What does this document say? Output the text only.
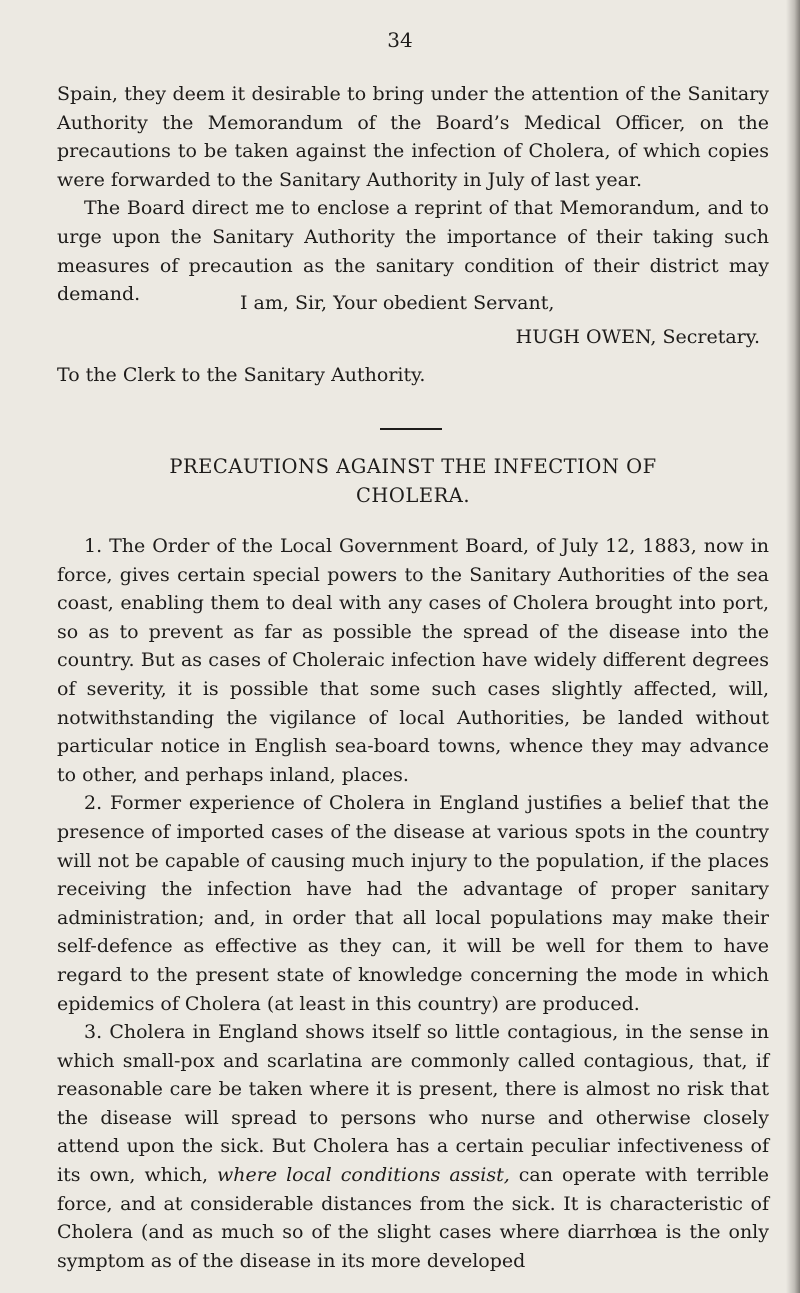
34

Spain, they deem it desirable to bring under the attention of the Sanitary Authority the Memorandum of the Board’s Medical Officer, on the precautions to be taken against the infection of Cholera, of which copies were forwarded to the Sanitary Authority in July of last year.

The Board direct me to enclose a reprint of that Memorandum, and to urge upon the Sanitary Authority the importance of their taking such measures of precaution as the sanitary condition of their district may demand.	I am, Sir, Your obedient Servant,
HUGH OWEN, Secretary.
To the Clerk to the Sanitary Authority.
PRECAUTIONS AGAINST THE INFECTION OF
CHOLERA.

1. The Order of the Local Government Board, of July 12, 1883, now in force, gives certain special powers to the Sanitary Authorities of the sea coast, enabling them to deal with any cases of Cholera brought into port, so as to prevent as far as possible the spread of the disease into the country. But as cases of Choleraic infection have widely different degrees of severity, it is possible that some such cases slightly affected, will, notwithstanding the vigilance of local Authorities, be landed without particular notice in English sea-board towns, whence they may advance to other, and perhaps inland, places.

2. Former experience of Cholera in England justifies a belief that the presence of imported cases of the disease at various spots in the country will not be capable of causing much injury to the population, if the places receiving the infection have had the advantage of proper sanitary administration; and, in order that all local populations may make their self-defence as effective as they can, it will be well for them to have regard to the present state of knowledge concerning the mode in which epidemics of Cholera (at least in this country) are produced.

3. Cholera in England shows itself so little contagious, in the sense in which small-pox and scarlatina are commonly called contagious, that, if reasonable care be taken where it is present, there is almost no risk that the disease will spread to persons who nurse and otherwise closely attend upon the sick. But Cholera has a certain peculiar infectiveness of its own, which, where local conditions assist, can operate with terrible force, and at considerable distances from the sick. It is characteristic of Cholera (and as much so of the slight cases where diarrhœa is the only symptom as of the disease in its more developed
